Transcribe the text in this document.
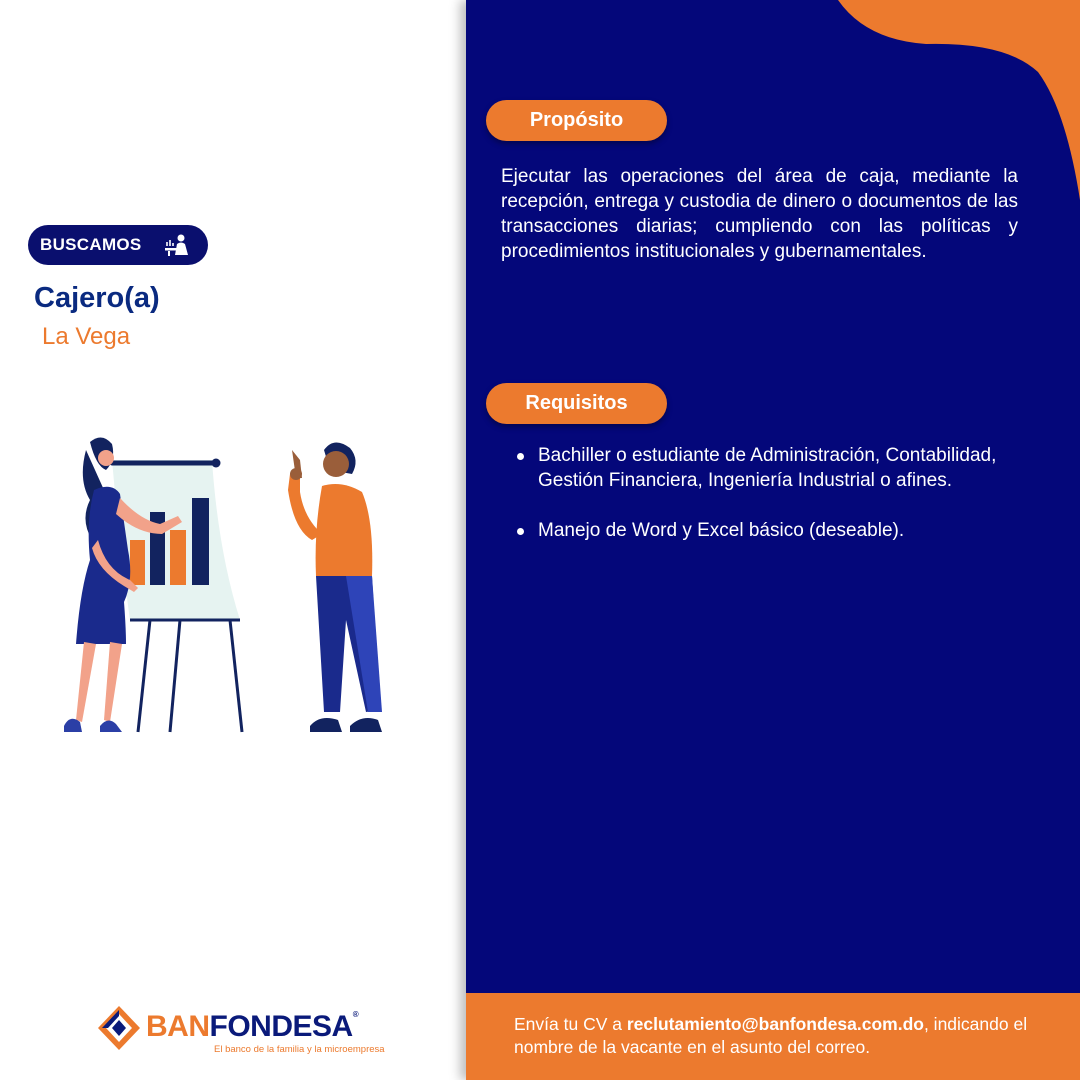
BUSCAMOS
Cajero(a)
La Vega
BANFONDESA®
El banco de la familia y la microempresa
Propósito
Ejecutar las operaciones del área de caja, mediante la recepción, entrega y custodia de dinero o documentos de las transacciones diarias; cumpliendo con las políticas y procedimientos institucionales y gubernamentales.
Requisitos
Bachiller o estudiante de Administración, Contabilidad, Gestión Financiera, Ingeniería Industrial o afines.
Manejo de Word y Excel básico (deseable).
Envía tu CV a reclutamiento@banfondesa.com.do, indicando el nombre de la vacante en el asunto del correo.
